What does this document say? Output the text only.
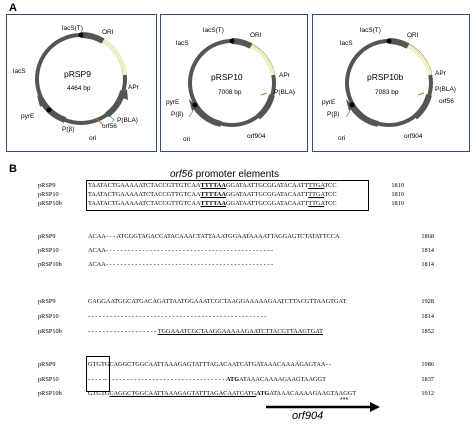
A
lacS(T)
ORI
lacS	pRSP9
4464 bp	APr
P(BLA)
pyrE
orf56
P(β)
ori
lacS(T)
ORI
lacS
pRSP10
7008 bp
APr
P(BLA)
pyrE
P(β)
ori	orf904
lacS(T)
ORI
lacS
pRSP10b
7083 bp
APr
P(BLA)
orf56
pyrE
P(β)
ori	orf904
B	orf56 promoter elements
pRSP9	TAATACTGAAAAATCTACCGTTGTCAATTTTAAGGATAATTGCGGATACAATTTTGATCC	1810
pRSP10	TAATACTGAAAAATCTACCGTTGTCAATTTTAAGGATAATTGCGGATACAATTTTGATCC	1810
pRSP10b	TAATACTGAAAAATCTACCGTTGTCAATTTTAAGGATAATTGCGGATACAATTTTGATCC	1810
pRSP9	ACAA- - - ATGGGTAGACCATACAAACTATTAAATGGAATAAAATTAGGAGTCTATATTCCA	1868
pRSP10	ACAA- - - - - - - - - - - - - - - - - - - - - - - - - - - - - - - - - - - - - - - - - - - - - -	1814
pRSP10b	ACAA- - - - - - - - - - - - - - - - - - - - - - - - - - - - - - - - - - - - - - - - - - - - - -	1814
pRSP9	CAGGAATGGCATGACAGATTAATGGAAATCGCTAAGGAAAAAGAATCTTACGTTAAGTGAT	1928
pRSP10	- - - - - - - - - - - - - - - - - - - - - - - - - - - - - - - - - - - - - - - - - - - - - - - - -	1814
pRSP10b	- - - - - - - - - - - - - - - - - - - TGGAAATCGCTAAGGAAAAAGAATCTTACGTTAAGTGAT	1852
pRSP9	GTGTGCAGGCTGGCAATTAAAGAGTATTTAGACAATCATGATAAACAAAAGAGTAA- -	1986
pRSP10	- - - - -- - - - - - - - - - - - - - - - - - - - - - - - - - - - - - - - - ATGATAAACAAAAGAAGTAAGGT	1837
pRSP10b	GTGTGCAGGCTGGCAATTAAAGAGTATTTAGACAATCATGATGATAAACAAAAGAAGTAAGGT	1912
***
orf904
